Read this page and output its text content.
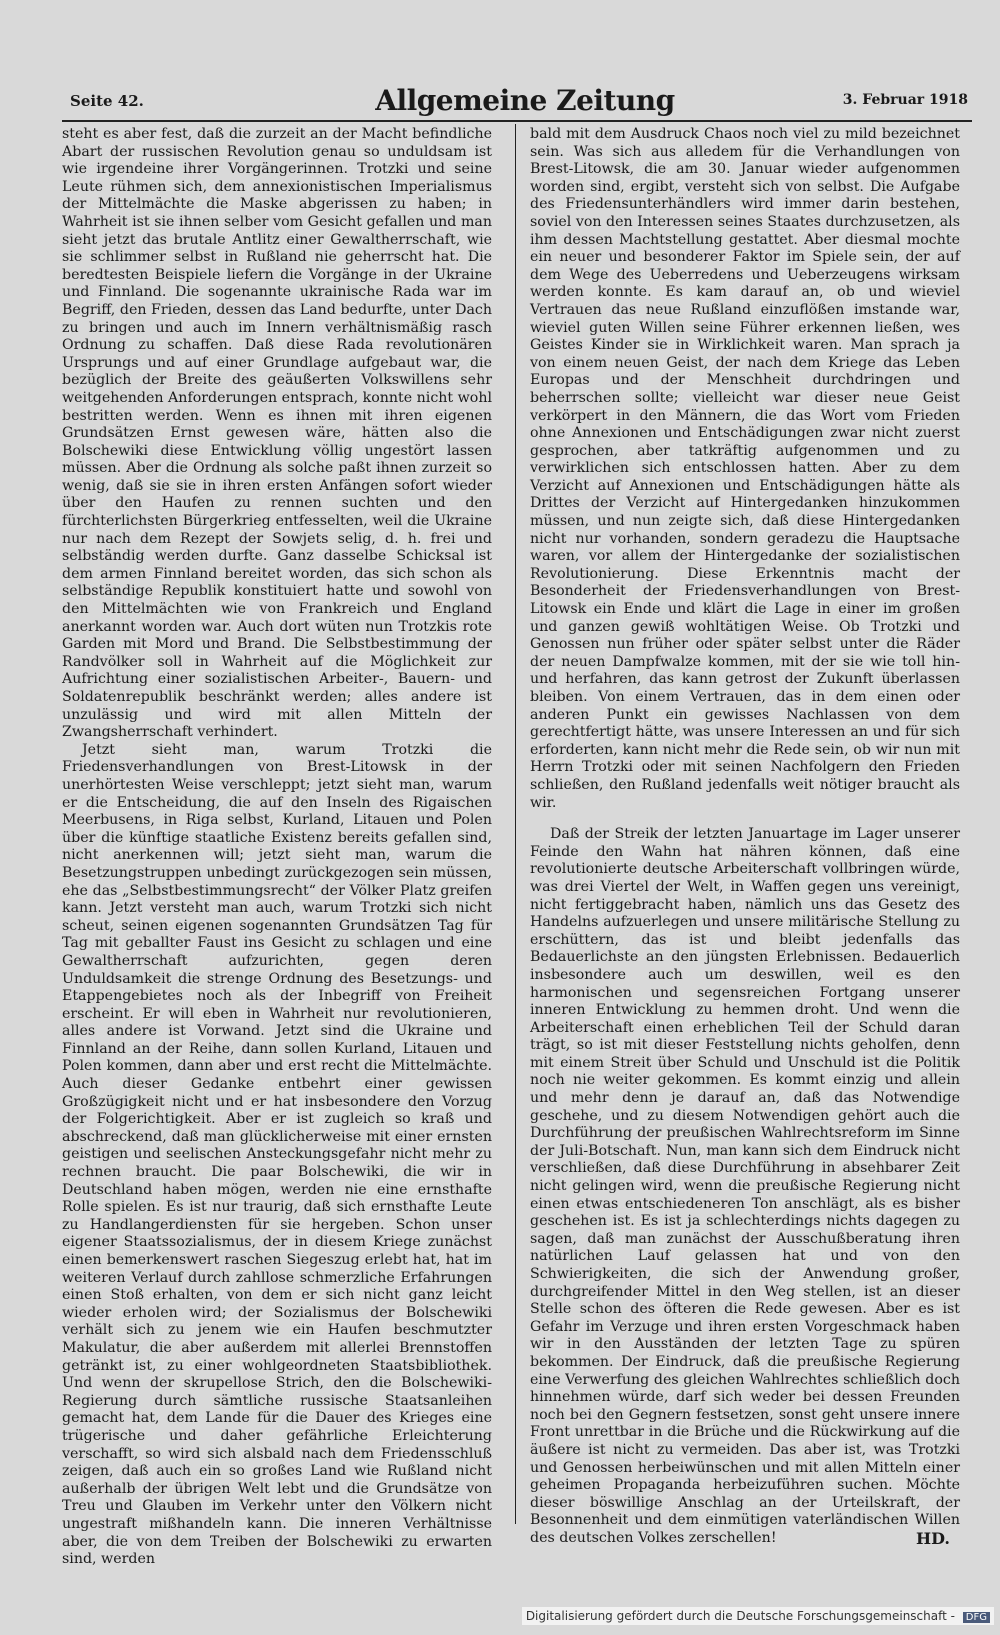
Seite 42.	Allgemeine Zeitung	3. Februar 1918

steht es aber fest, daß die zurzeit an der Macht befindliche Abart der russischen Revolution genau so unduldsam ist wie irgendeine ihrer Vorgängerinnen. Trotzki und seine Leute rühmen sich, dem annexionistischen Imperialismus der Mittelmächte die Maske abgerissen zu haben; in Wahrheit ist sie ihnen selber vom Gesicht gefallen und man sieht jetzt das brutale Antlitz einer Gewaltherrschaft, wie sie schlimmer selbst in Rußland nie geherrscht hat. Die beredtesten Beispiele liefern die Vorgänge in der Ukraine und Finnland. Die sogenannte ukrainische Rada war im Begriff, den Frieden, dessen das Land bedurfte, unter Dach zu bringen und auch im Innern verhältnismäßig rasch Ordnung zu schaffen. Daß diese Rada revolutionären Ursprungs und auf einer Grundlage aufgebaut war, die bezüglich der Breite des geäußerten Volkswillens sehr weitgehenden Anforderungen entsprach, konnte nicht wohl bestritten werden. Wenn es ihnen mit ihren eigenen Grundsätzen Ernst gewesen wäre, hätten also die Bolschewiki diese Entwicklung völlig ungestört lassen müssen. Aber die Ordnung als solche paßt ihnen zurzeit so wenig, daß sie sie in ihren ersten Anfängen sofort wieder über den Haufen zu rennen suchten und den fürchterlichsten Bürgerkrieg entfesselten, weil die Ukraine nur nach dem Rezept der Sowjets selig, d. h. frei und selbständig werden durfte. Ganz dasselbe Schicksal ist dem armen Finnland bereitet worden, das sich schon als selbständige Republik konstituiert hatte und sowohl von den Mittelmächten wie von Frankreich und England anerkannt worden war. Auch dort wüten nun Trotzkis rote Garden mit Mord und Brand. Die Selbstbestimmung der Randvölker soll in Wahrheit auf die Möglichkeit zur Aufrichtung einer sozialistischen Arbeiter-, Bauern- und Soldatenrepublik beschränkt werden; alles andere ist unzulässig und wird mit allen Mitteln der Zwangsherrschaft verhindert.

Jetzt sieht man, warum Trotzki die Friedensverhandlungen von Brest-Litowsk in der unerhörtesten Weise verschleppt; jetzt sieht man, warum er die Entscheidung, die auf den Inseln des Rigaischen Meerbusens, in Riga selbst, Kurland, Litauen und Polen über die künftige staatliche Existenz bereits gefallen sind, nicht anerkennen will; jetzt sieht man, warum die Besetzungstruppen unbedingt zurückgezogen sein müssen, ehe das „Selbstbestimmungsrecht“ der Völker Platz greifen kann. Jetzt versteht man auch, warum Trotzki sich nicht scheut, seinen eigenen sogenannten Grundsätzen Tag für Tag mit geballter Faust ins Gesicht zu schlagen und eine Gewaltherrschaft aufzurichten, gegen deren Unduldsamkeit die strenge Ordnung des Besetzungs- und Etappengebietes noch als der Inbegriff von Freiheit erscheint. Er will eben in Wahrheit nur revolutionieren, alles andere ist Vorwand. Jetzt sind die Ukraine und Finnland an der Reihe, dann sollen Kurland, Litauen und Polen kommen, dann aber und erst recht die Mittelmächte. Auch dieser Gedanke entbehrt einer gewissen Großzügigkeit nicht und er hat insbesondere den Vorzug der Folgerichtigkeit. Aber er ist zugleich so kraß und abschreckend, daß man glücklicherweise mit einer ernsten geistigen und seelischen Ansteckungsgefahr nicht mehr zu rechnen braucht. Die paar Bolschewiki, die wir in Deutschland haben mögen, werden nie eine ernsthafte Rolle spielen. Es ist nur traurig, daß sich ernsthafte Leute zu Handlangerdiensten für sie hergeben. Schon unser eigener Staatssozialismus, der in diesem Kriege zunächst einen bemerkenswert raschen Siegeszug erlebt hat, hat im weiteren Verlauf durch zahllose schmerzliche Erfahrungen einen Stoß erhalten, von dem er sich nicht ganz leicht wieder erholen wird; der Sozialismus der Bolschewiki verhält sich zu jenem wie ein Haufen beschmutzter Makulatur, die aber außerdem mit allerlei Brennstoffen getränkt ist, zu einer wohlgeordneten Staatsbibliothek. Und wenn der skrupellose Strich, den die Bolschewiki-Regierung durch sämtliche russische Staatsanleihen gemacht hat, dem Lande für die Dauer des Krieges eine trügerische und daher gefährliche Erleichterung verschafft, so wird sich alsbald nach dem Friedensschluß zeigen, daß auch ein so großes Land wie Rußland nicht außerhalb der übrigen Welt lebt und die Grundsätze von Treu und Glauben im Verkehr unter den Völkern nicht ungestraft mißhandeln kann. Die inneren Verhältnisse aber, die von dem Treiben der Bolschewiki zu erwarten sind, werden

bald mit dem Ausdruck Chaos noch viel zu mild bezeichnet sein. Was sich aus alledem für die Verhandlungen von Brest-Litowsk, die am 30. Januar wieder aufgenommen worden sind, ergibt, versteht sich von selbst. Die Aufgabe des Friedensunterhändlers wird immer darin bestehen, soviel von den Interessen seines Staates durchzusetzen, als ihm dessen Machtstellung gestattet. Aber diesmal mochte ein neuer und besonderer Faktor im Spiele sein, der auf dem Wege des Ueberredens und Ueberzeugens wirksam werden konnte. Es kam darauf an, ob und wieviel Vertrauen das neue Rußland einzuflößen imstande war, wieviel guten Willen seine Führer erkennen ließen, wes Geistes Kinder sie in Wirklichkeit waren. Man sprach ja von einem neuen Geist, der nach dem Kriege das Leben Europas und der Menschheit durchdringen und beherrschen sollte; vielleicht war dieser neue Geist verkörpert in den Männern, die das Wort vom Frieden ohne Annexionen und Entschädigungen zwar nicht zuerst gesprochen, aber tatkräftig aufgenommen und zu verwirklichen sich entschlossen hatten. Aber zu dem Verzicht auf Annexionen und Entschädigungen hätte als Drittes der Verzicht auf Hintergedanken hinzukommen müssen, und nun zeigte sich, daß diese Hintergedanken nicht nur vorhanden, sondern geradezu die Hauptsache waren, vor allem der Hintergedanke der sozialistischen Revolutionierung. Diese Erkenntnis macht der Besonderheit der Friedensverhandlungen von Brest-Litowsk ein Ende und klärt die Lage in einer im großen und ganzen gewiß wohltätigen Weise. Ob Trotzki und Genossen nun früher oder später selbst unter die Räder der neuen Dampfwalze kommen, mit der sie wie toll hin- und herfahren, das kann getrost der Zukunft überlassen bleiben. Von einem Vertrauen, das in dem einen oder anderen Punkt ein gewisses Nachlassen von dem gerechtfertigt hätte, was unsere Interessen an und für sich erforderten, kann nicht mehr die Rede sein, ob wir nun mit Herrn Trotzki oder mit seinen Nachfolgern den Frieden schließen, den Rußland jedenfalls weit nötiger braucht als wir.

Daß der Streik der letzten Januartage im Lager unserer Feinde den Wahn hat nähren können, daß eine revolutionierte deutsche Arbeiterschaft vollbringen würde, was drei Viertel der Welt, in Waffen gegen uns vereinigt, nicht fertiggebracht haben, nämlich uns das Gesetz des Handelns aufzuerlegen und unsere militärische Stellung zu erschüttern, das ist und bleibt jedenfalls das Bedauerlichste an den jüngsten Erlebnissen. Bedauerlich insbesondere auch um deswillen, weil es den harmonischen und segensreichen Fortgang unserer inneren Entwicklung zu hemmen droht. Und wenn die Arbeiterschaft einen erheblichen Teil der Schuld daran trägt, so ist mit dieser Feststellung nichts geholfen, denn mit einem Streit über Schuld und Unschuld ist die Politik noch nie weiter gekommen. Es kommt einzig und allein und mehr denn je darauf an, daß das Notwendige geschehe, und zu diesem Notwendigen gehört auch die Durchführung der preußischen Wahlrechtsreform im Sinne der Juli-Botschaft. Nun, man kann sich dem Eindruck nicht verschließen, daß diese Durchführung in absehbarer Zeit nicht gelingen wird, wenn die preußische Regierung nicht einen etwas entschiedeneren Ton anschlägt, als es bisher geschehen ist. Es ist ja schlechterdings nichts dagegen zu sagen, daß man zunächst der Ausschußberatung ihren natürlichen Lauf gelassen hat und von den Schwierigkeiten, die sich der Anwendung großer, durchgreifender Mittel in den Weg stellen, ist an dieser Stelle schon des öfteren die Rede gewesen. Aber es ist Gefahr im Verzuge und ihren ersten Vorgeschmack haben wir in den Ausständen der letzten Tage zu spüren bekommen. Der Eindruck, daß die preußische Regierung eine Verwerfung des gleichen Wahlrechtes schließlich doch hinnehmen würde, darf sich weder bei dessen Freunden noch bei den Gegnern festsetzen, sonst geht unsere innere Front unrettbar in die Brüche und die Rückwirkung auf die äußere ist nicht zu vermeiden. Das aber ist, was Trotzki und Genossen herbeiwünschen und mit allen Mitteln einer geheimen Propaganda herbeizuführen suchen. Möchte dieser böswillige Anschlag an der Urteilskraft, der Besonnenheit und dem einmütigen vaterländischen Willen des deutschen Volkes zerschellen!	HD.
Digitalisierung gefördert durch die Deutsche Forschungsgemeinschaft - DFG
